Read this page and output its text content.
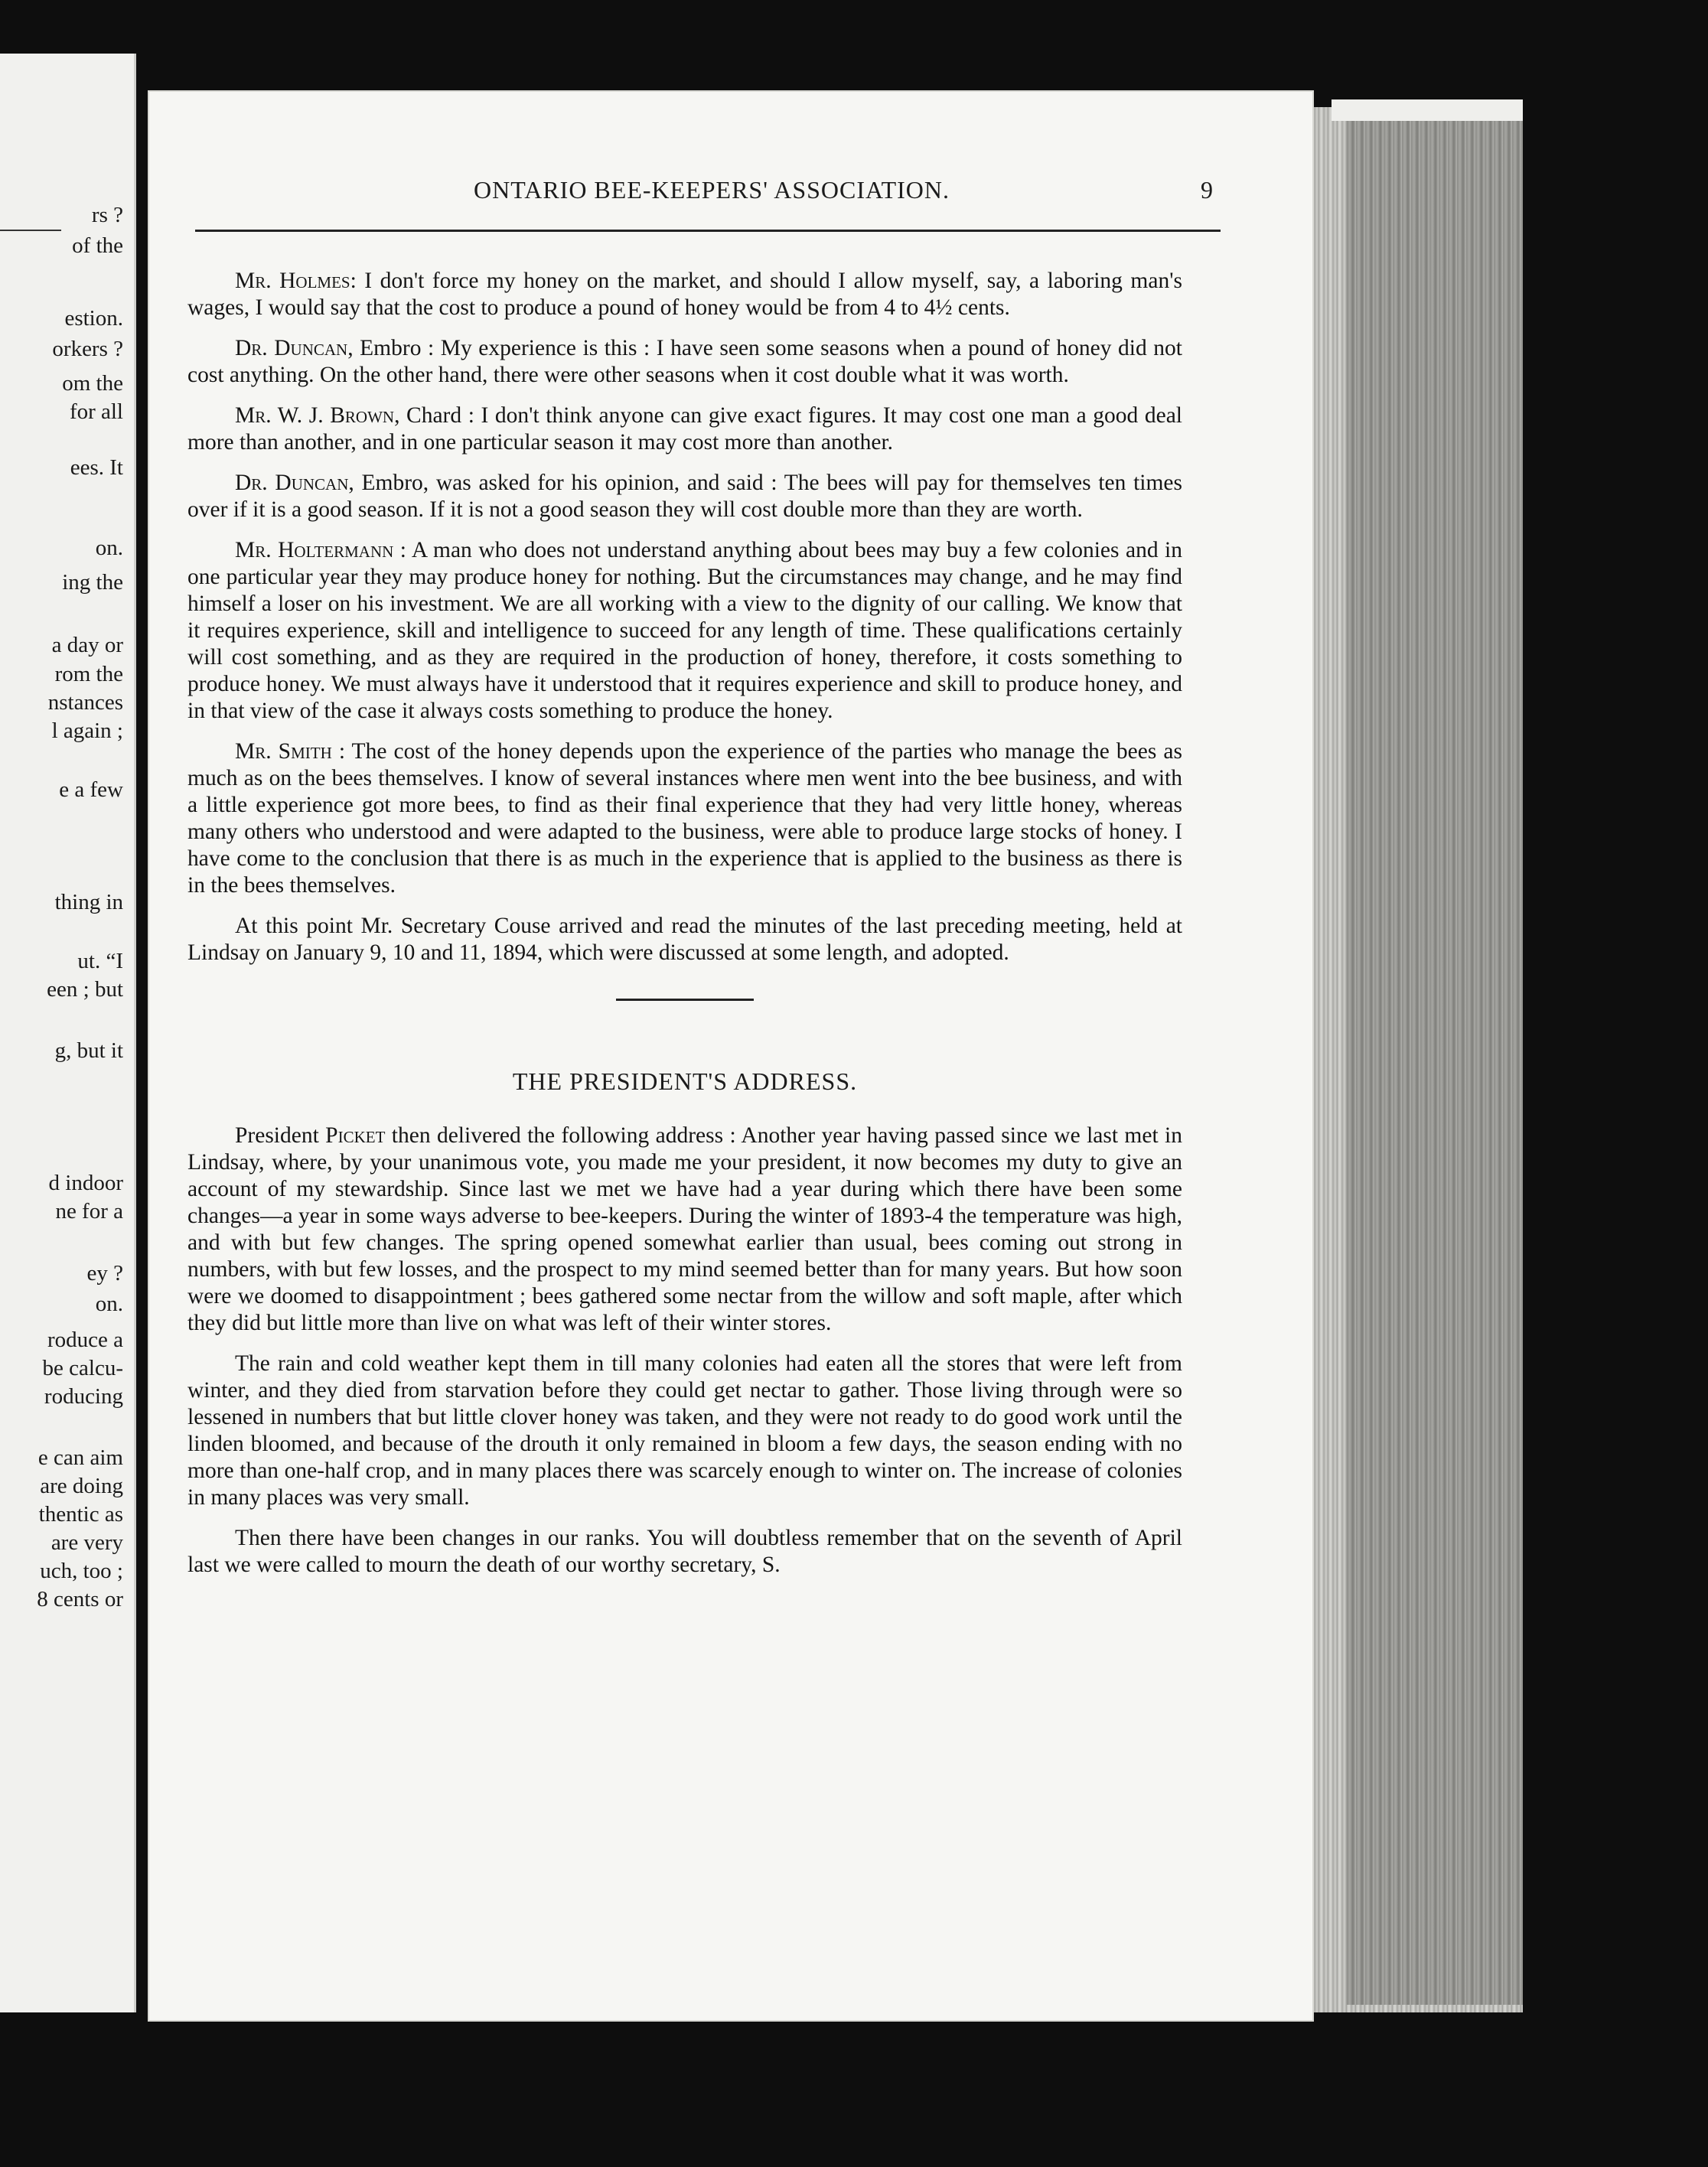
rs ?
of the
estion.
orkers ?
om the
for all
ees. It
on.
ing the
a day or
rom the
nstances
l again ;
e a few
thing in
ut. “I
een ; but
g, but it
d indoor
ne for a
ey ?
on.
roduce a
be calcu-
roducing
e can aim
are doing
thentic as
are very
uch, too ;
8 cents or
ONTARIO BEE-KEEPERS' ASSOCIATION.	9

Mr. Holmes: I don't force my honey on the market, and should I allow myself, say, a laboring man's wages, I would say that the cost to produce a pound of honey would be from 4 to 4½ cents.

Dr. Duncan, Embro : My experience is this : I have seen some seasons when a pound of honey did not cost anything. On the other hand, there were other seasons when it cost double what it was worth.

Mr. W. J. Brown, Chard : I don't think anyone can give exact figures. It may cost one man a good deal more than another, and in one particular season it may cost more than another.

Dr. Duncan, Embro, was asked for his opinion, and said : The bees will pay for themselves ten times over if it is a good season. If it is not a good season they will cost double more than they are worth.

Mr. Holtermann : A man who does not understand anything about bees may buy a few colonies and in one particular year they may produce honey for nothing. But the circumstances may change, and he may find himself a loser on his investment. We are all working with a view to the dignity of our calling. We know that it requires experience, skill and intelligence to succeed for any length of time. These qualifications certainly will cost something, and as they are required in the production of honey, therefore, it costs something to produce honey. We must always have it understood that it requires experience and skill to produce honey, and in that view of the case it always costs something to produce the honey.

Mr. Smith : The cost of the honey depends upon the experience of the parties who manage the bees as much as on the bees themselves. I know of several instances where men went into the bee business, and with a little experience got more bees, to find as their final experience that they had very little honey, whereas many others who understood and were adapted to the business, were able to produce large stocks of honey. I have come to the conclusion that there is as much in the experience that is applied to the business as there is in the bees themselves.

At this point Mr. Secretary Couse arrived and read the minutes of the last preceding meeting, held at Lindsay on January 9, 10 and 11, 1894, which were discussed at some length, and adopted.

THE PRESIDENT'S ADDRESS.

President Picket then delivered the following address : Another year having passed since we last met in Lindsay, where, by your unanimous vote, you made me your president, it now becomes my duty to give an account of my stewardship. Since last we met we have had a year during which there have been some changes—a year in some ways adverse to bee-keepers. During the winter of 1893-4 the temperature was high, and with but few changes. The spring opened somewhat earlier than usual, bees coming out strong in numbers, with but few losses, and the prospect to my mind seemed better than for many years. But how soon were we doomed to disappointment ; bees gathered some nectar from the willow and soft maple, after which they did but little more than live on what was left of their winter stores.

The rain and cold weather kept them in till many colonies had eaten all the stores that were left from winter, and they died from starvation before they could get nectar to gather. Those living through were so lessened in numbers that but little clover honey was taken, and they were not ready to do good work until the linden bloomed, and because of the drouth it only remained in bloom a few days, the season ending with no more than one-half crop, and in many places there was scarcely enough to winter on. The increase of colonies in many places was very small.

Then there have been changes in our ranks. You will doubtless remember that on the seventh of April last we were called to mourn the death of our worthy secretary, S.
